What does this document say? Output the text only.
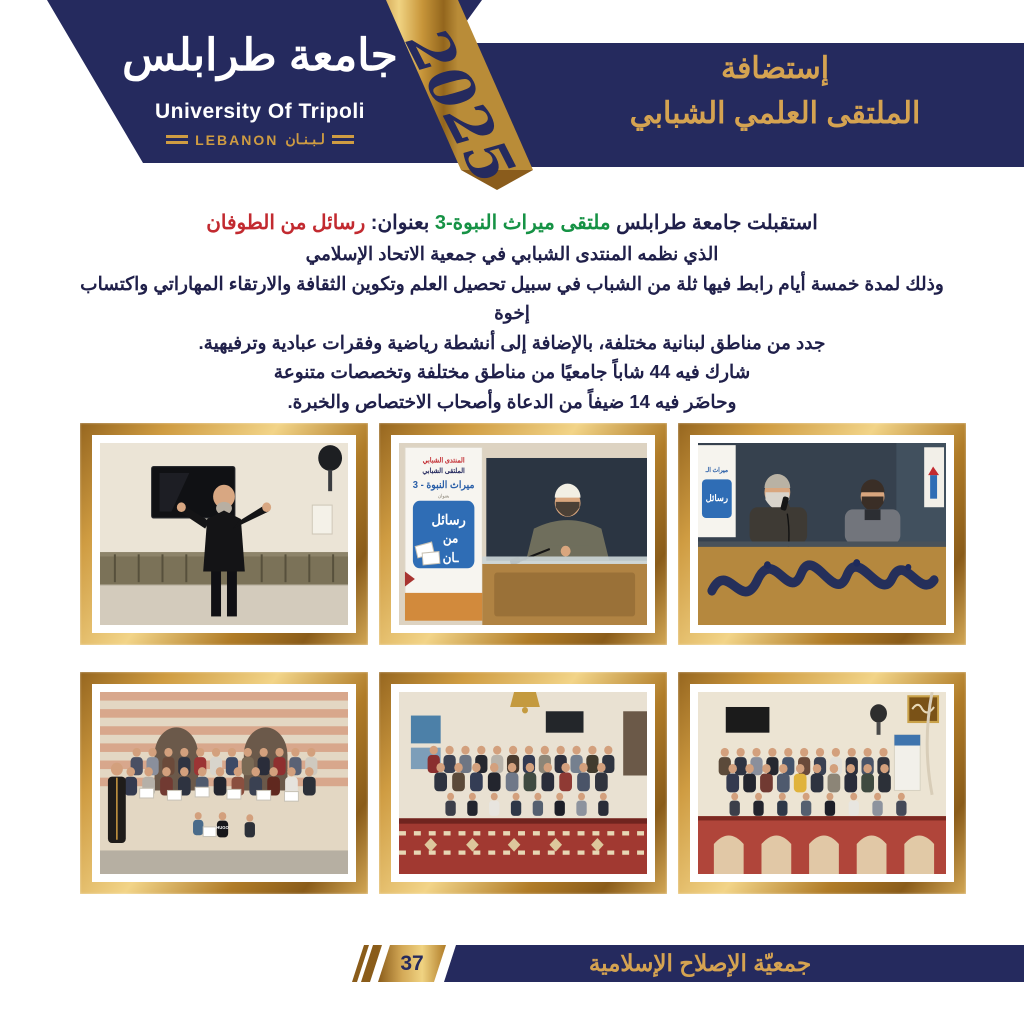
جامعة طرابلس
University Of Tripoli
LEBANON لـبـنـان 2025	إستضافة
الملتقى العلمي الشبابي
استقبلت جامعة طرابلس ملتقى ميراث النبوة-3 بعنوان: رسائل من الطوفان
الذي نظمه المنتدى الشبابي في جمعية الاتحاد الإسلامي
وذلك لمدة خمسة أيام رابط فيها ثلة من الشباب في سبيل تحصيل العلم وتكوين الثقافة والارتقاء المهاراتي واكتساب إخوة
جدد من مناطق لبنانية مختلفة، بالإضافة إلى أنشطة رياضية وفقرات عبادية وترفيهية.
شارك فيه 44 شاباً جامعيًا من مناطق مختلفة وتخصصات متنوعة
وحاضَر فيه 14 ضيفاً من الدعاة وأصحاب الاختصاص والخبرة.
المنتدى الشبابي
الملتقى الشبابي
ميراث النبوة - 3
بعنوان
رسائل
من
ـان
ميراث الـ
رسائل
HUGO
37	جمعيّة الإصلاح الإسلامية
